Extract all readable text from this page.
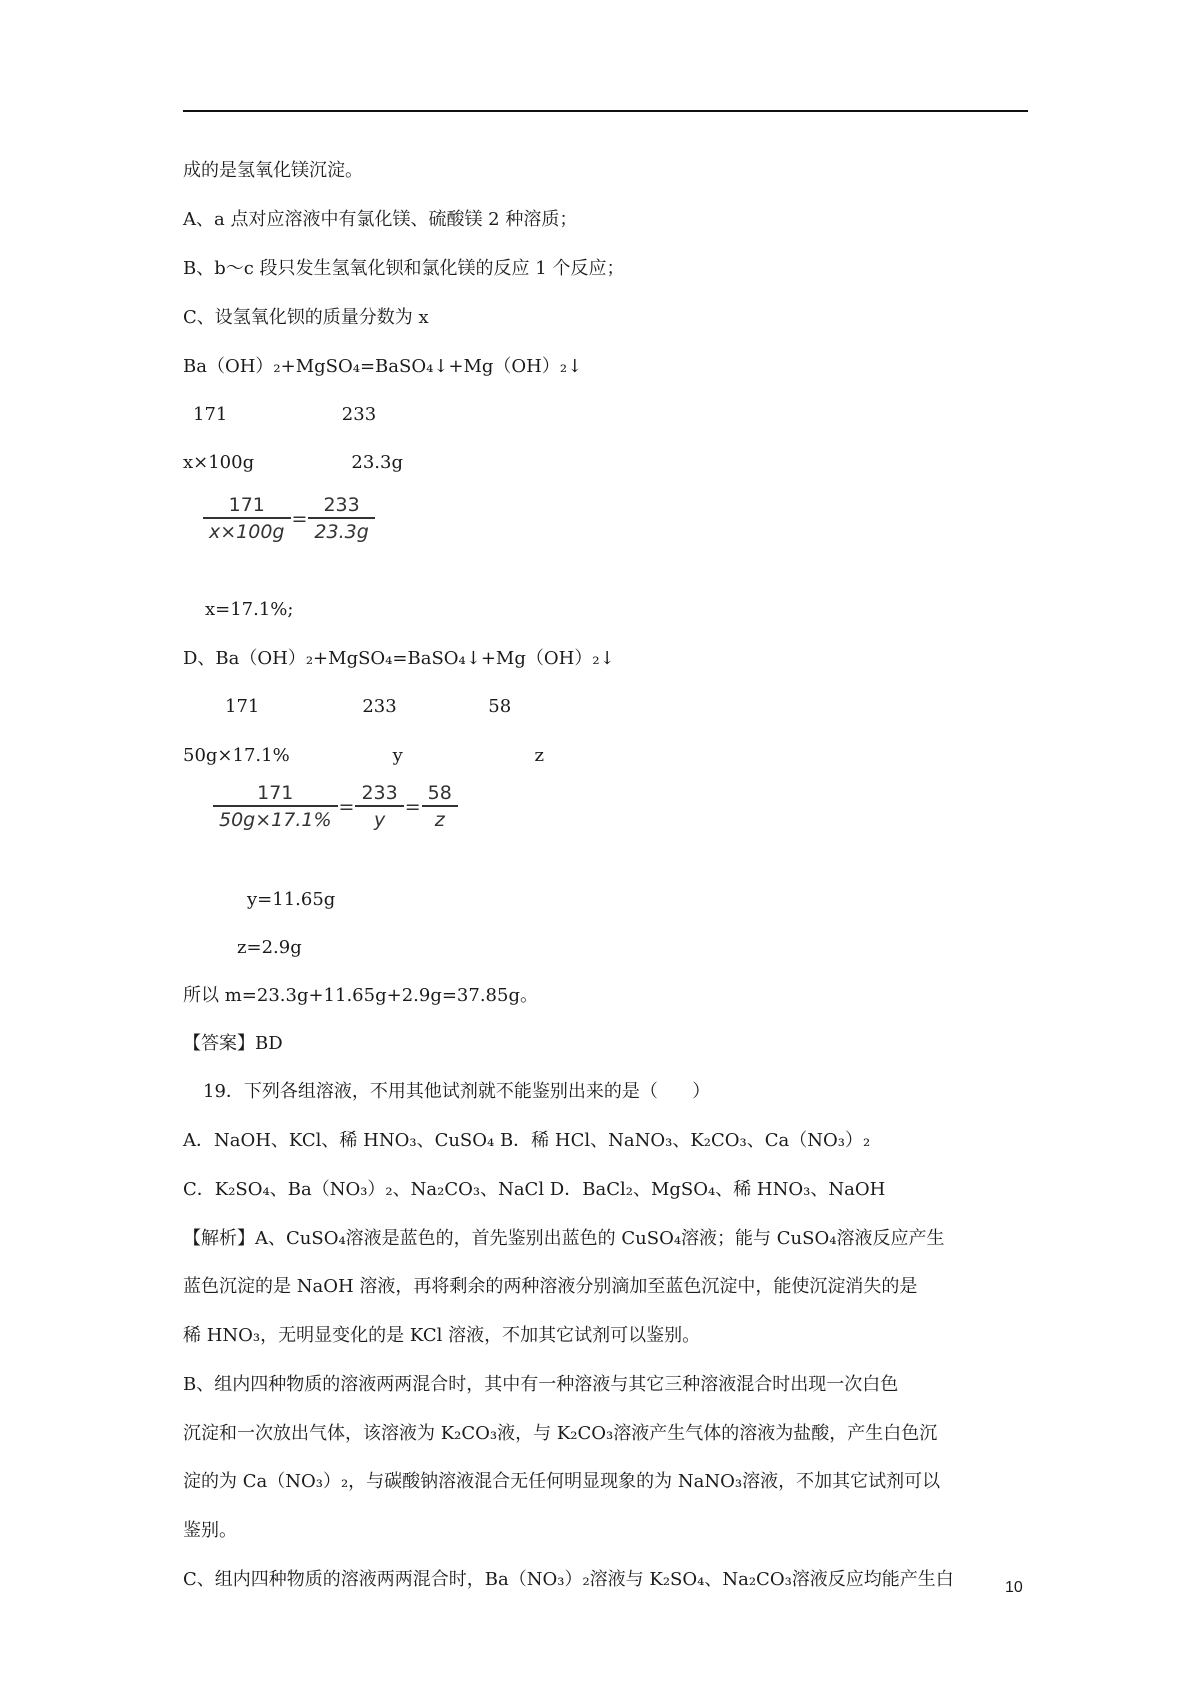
成的是氢氧化镁沉淀。
A、a 点对应溶液中有氯化镁、硫酸镁 2 种溶质；
B、b～c 段只发生氢氧化钡和氯化镁的反应 1 个反应；
C、设氢氧化钡的质量分数为 x
Ba（OH）₂+MgSO₄=BaSO₄↓+Mg（OH）₂↓
171                    233
x×100g                 23.3g
x=17.1%;
D、Ba（OH）₂+MgSO₄=BaSO₄↓+Mg（OH）₂↓
171                  233                58
50g×17.1%                  y                       z
y=11.65g
z=2.9g
所以 m=23.3g+11.65g+2.9g=37.85g。
【答案】BD
19．下列各组溶液，不用其他试剂就不能鉴别出来的是（      ）
A．NaOH、KCl、稀 HNO₃、CuSO₄ B．稀 HCl、NaNO₃、K₂CO₃、Ca（NO₃）₂
C．K₂SO₄、Ba（NO₃）₂、Na₂CO₃、NaCl D．BaCl₂、MgSO₄、稀 HNO₃、NaOH
【解析】A、CuSO₄溶液是蓝色的，首先鉴别出蓝色的 CuSO₄溶液；能与 CuSO₄溶液反应产生
蓝色沉淀的是 NaOH 溶液，再将剩余的两种溶液分别滴加至蓝色沉淀中，能使沉淀消失的是
稀 HNO₃，无明显变化的是 KCl 溶液，不加其它试剂可以鉴别。
B、组内四种物质的溶液两两混合时，其中有一种溶液与其它三种溶液混合时出现一次白色
沉淀和一次放出气体，该溶液为 K₂CO₃液，与 K₂CO₃溶液产生气体的溶液为盐酸，产生白色沉
淀的为 Ca（NO₃）₂，与碳酸钠溶液混合无任何明显现象的为 NaNO₃溶液，不加其它试剂可以
鉴别。
C、组内四种物质的溶液两两混合时，Ba（NO₃）₂溶液与 K₂SO₄、Na₂CO₃溶液反应均能产生白
$\frac{171}{x\times 100g} = \frac{233}{23.3g}$
$\frac{171}{50g\times 17.1\%} = \frac{233}{y} = \frac{58}{z}$
10
